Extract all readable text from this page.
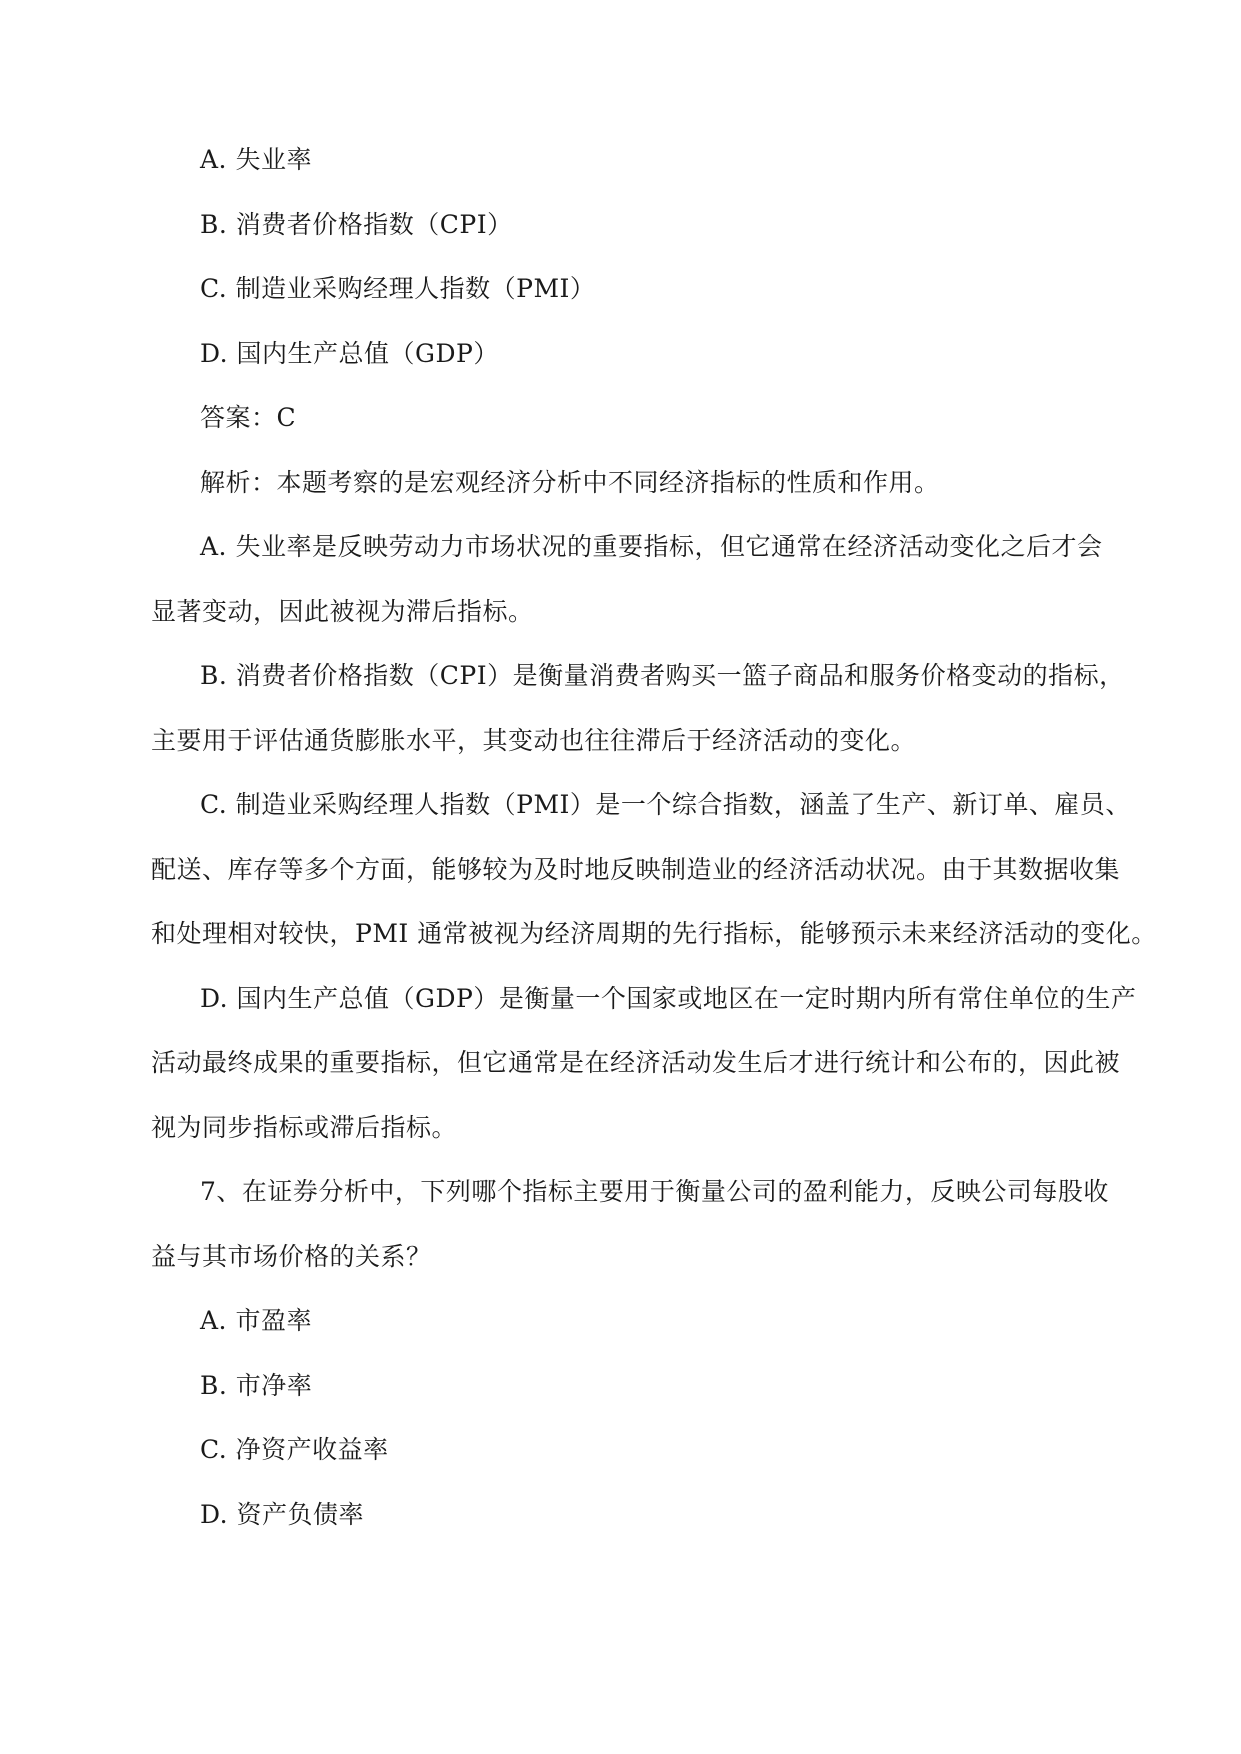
A. 失业率
B. 消费者价格指数（CPI）
C. 制造业采购经理人指数（PMI）
D. 国内生产总值（GDP）
答案：C
解析：本题考察的是宏观经济分析中不同经济指标的性质和作用。
A. 失业率是反映劳动力市场状况的重要指标，但它通常在经济活动变化之后才会
显著变动，因此被视为滞后指标。
B. 消费者价格指数（CPI）是衡量消费者购买一篮子商品和服务价格变动的指标，
主要用于评估通货膨胀水平，其变动也往往滞后于经济活动的变化。
C. 制造业采购经理人指数（PMI）是一个综合指数，涵盖了生产、新订单、雇员、
配送、库存等多个方面，能够较为及时地反映制造业的经济活动状况。由于其数据收集
和处理相对较快，PMI 通常被视为经济周期的先行指标，能够预示未来经济活动的变化。
D. 国内生产总值（GDP）是衡量一个国家或地区在一定时期内所有常住单位的生产
活动最终成果的重要指标，但它通常是在经济活动发生后才进行统计和公布的，因此被
视为同步指标或滞后指标。
7、在证券分析中，下列哪个指标主要用于衡量公司的盈利能力，反映公司每股收
益与其市场价格的关系？
A. 市盈率
B. 市净率
C. 净资产收益率
D. 资产负债率
